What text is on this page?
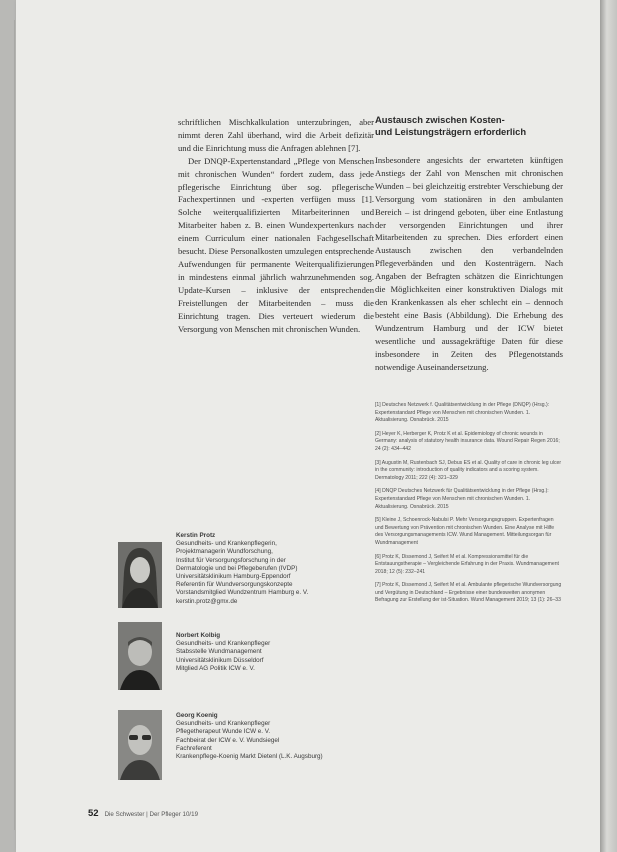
schriftlichen Mischkalkulation unterzubringen, aber nimmt deren Zahl überhand, wird die Arbeit defizitär und die Einrichtung muss die Anfragen ablehnen [7].

Der DNQP-Expertenstandard „Pflege von Menschen mit chronischen Wunden“ fordert zudem, dass jede pflegerische Einrichtung über sog. pflegerische Fachexpertinnen und -experten verfügen muss [1]. Solche weiterqualifizierten Mitarbeiterinnen und Mitarbeiter haben z. B. einen Wundexpertenkurs nach einem Curriculum einer nationalen Fachgesellschaft besucht. Diese Personalkosten umzulegen entsprechende Aufwendungen für permanente Weiterqualifizierungen in mindestens einmal jährlich wahrzunehmenden sog. Update-Kursen – inklusive der entsprechenden Freistellungen der Mitarbeitenden – muss die Einrichtung tragen. Dies verteuert wiederum die Versorgung von Menschen mit chronischen Wunden.

Austausch zwischen Kosten-
und Leistungsträgern erforderlich

Insbesondere angesichts der erwarteten künftigen Anstiegs der Zahl von Menschen mit chronischen Wunden – bei gleichzeitig erstrebter Verschiebung der Versorgung vom stationären in den ambulanten Bereich – ist dringend geboten, über eine Entlastung der versorgenden Einrichtungen und ihrer Mitarbeitenden zu sprechen. Dies erfordert einen Austausch zwischen den verbandelnden Pflegeverbänden und den Kostenträgern. Nach Angaben der Befragten schätzen die Einrichtungen die Möglichkeiten einer konstruktiven Dialogs mit den Krankenkassen als eher schlecht ein – dennoch besteht eine Basis (Abbildung). Die Erhebung des Wundzentrum Hamburg und der ICW bietet wesentliche und aussagekräftige Daten für diese insbesondere in Zeiten des Pflegenotstands notwendige Auseinandersetzung.

[1] Deutsches Netzwerk f. Qualitätsentwicklung in der Pflege (DNQP) (Hrsg.): Expertenstandard Pflege von Menschen mit chronischen Wunden. 1. Aktualisierung. Osnabrück. 2015
[2] Heyer K, Herberger K, Protz K et al. Epidemiology of chronic wounds in Germany: analysis of statutory health insurance data. Wound Repair Regen 2016; 24 (2): 434–442
[3] Augustin M, Rustenbach SJ, Debus ES et al. Quality of care in chronic leg ulcer in the community: introduction of quality indicators and a scoring system. Dermatology 2011; 222 (4): 321–329
[4] DNQP Deutsches Netzwerk für Qualitätsentwicklung in der Pflege (Hrsg.): Expertenstandard Pflege von Menschen mit chronischen Wunden. 1. Aktualisierung. Osnabrück. 2015
[5] Kleine J, Schoenrock-Nabulsi P. Mehr Versorgungsgruppen. Expertenfragen und Bewertung von Prävention mit chronischen Wunden. Eine Analyse mit Hilfe des Versorgungsmanagements ICW. Wund Management. Mitteilungsorgan für Wundmanagement
[6] Protz K, Dissemond J, Seifert M et al. Kompressionsmittel für die Entstauungstherapie – Vergleichende Erfahrung in der Praxis. Wundmanagement 2018; 12 (5): 232–241
[7] Protz K, Dissemond J, Seifert M et al. Ambulante pflegerische Wundversorgung und Vergütung in Deutschland – Ergebnisse einer bundesweiten anonymen Befragung zur Erstellung der ist-Situation. Wund Management 2019; 13 (1): 26–33
Kerstin Protz
Gesundheits- und Krankenpflegerin,
Projektmanagerin Wundforschung,
Institut für Versorgungsforschung in der
Dermatologie und bei Pflegeberufen (IVDP)
Universitätsklinikum Hamburg-Eppendorf
Referentin für Wundversorgungskonzepte
Vorstandsmitglied Wundzentrum Hamburg e. V.
kerstin.protz@gmx.de
Norbert Kolbig
Gesundheits- und Krankenpfleger
Stabsstelle Wundmanagement
Universitätsklinikum Düsseldorf
Mitglied AG Politik ICW e. V.
Georg Koenig
Gesundheits- und Krankenpfleger
Pflegetherapeut Wunde ICW e. V.
Fachbeirat der ICW e. V. Wundsiegel
Fachreferent
Krankenpflege-Koenig Markt Dietenl (L.K. Augsburg)
52 Die Schwester | Der Pfleger 10/19
